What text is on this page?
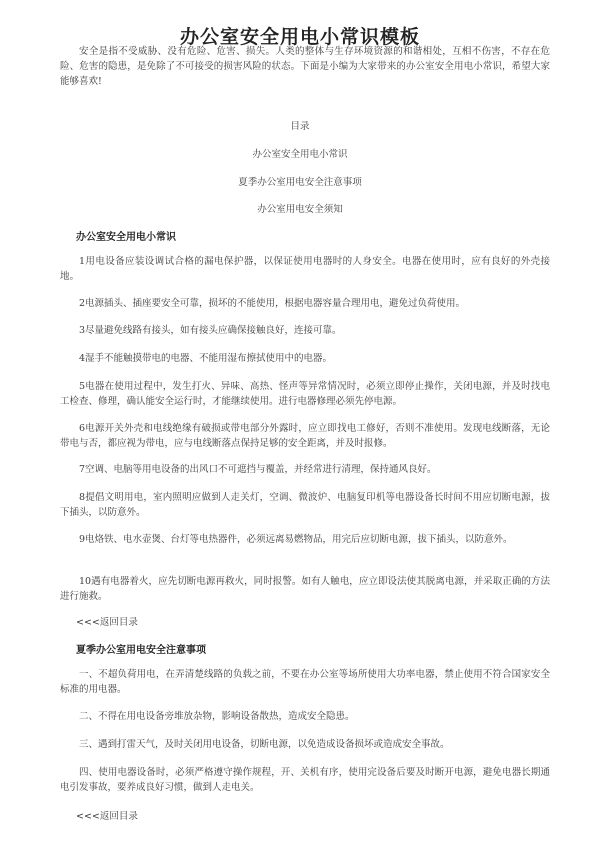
办公室安全用电小常识模板

安全是指不受威胁、没有危险、危害、损失。人类的整体与生存环境资源的和谐相处，互相不伤害，不存在危险、危害的隐患，是免除了不可接受的损害风险的状态。下面是小编为大家带来的办公室安全用电小常识，希望大家能够喜欢!

目录
办公室安全用电小常识
夏季办公室用电安全注意事项
办公室用电安全须知
办公室安全用电小常识

1用电设备应装设调试合格的漏电保护器，以保证使用电器时的人身安全。电器在使用时，应有良好的外壳接地。

2电源插头、插座要安全可靠，损坏的不能使用，根据电器容量合理用电，避免过负荷使用。

3尽量避免线路有接头，如有接头应确保接触良好，连接可靠。

4湿手不能触摸带电的电器、不能用湿布擦拭使用中的电器。

5电器在使用过程中，发生打火、异味、高热、怪声等异常情况时，必须立即停止操作，关闭电源，并及时找电工检查、修理，确认能安全运行时，才能继续使用。进行电器修理必须先停电源。

6电源开关外壳和电线绝缘有破损或带电部分外露时，应立即找电工修好，否则不准使用。发现电线断落，无论带电与否，都应视为带电，应与电线断落点保持足够的安全距离，并及时报修。

7空调、电脑等用电设备的出风口不可遮挡与覆盖，并经常进行清理，保持通风良好。

8提倡文明用电，室内照明应做到人走关灯，空调、微波炉、电脑复印机等电器设备长时间不用应切断电源，拔下插头，以防意外。

9电烙铁、电水壶煲、台灯等电热器件，必须远离易燃物品，用完后应切断电源，拔下插头，以防意外。

10遇有电器着火，应先切断电源再救火，同时报警。如有人触电，应立即设法使其脱离电源，并采取正确的方法进行施救。

<<<返回目录
夏季办公室用电安全注意事项

一、不超负荷用电，在弄清楚线路的负载之前，不要在办公室等场所使用大功率电器，禁止使用不符合国家安全标准的用电器。

二、不得在用电设备旁堆放杂物，影响设备散热，造成安全隐患。

三、遇到打雷天气，及时关闭用电设备，切断电源，以免造成设备损坏或造成安全事故。

四、使用电器设备时，必须严格遵守操作规程，开、关机有序，使用完设备后要及时断开电源，避免电器长期通电引发事故，要养成良好习惯，做到人走电关。

<<<返回目录
